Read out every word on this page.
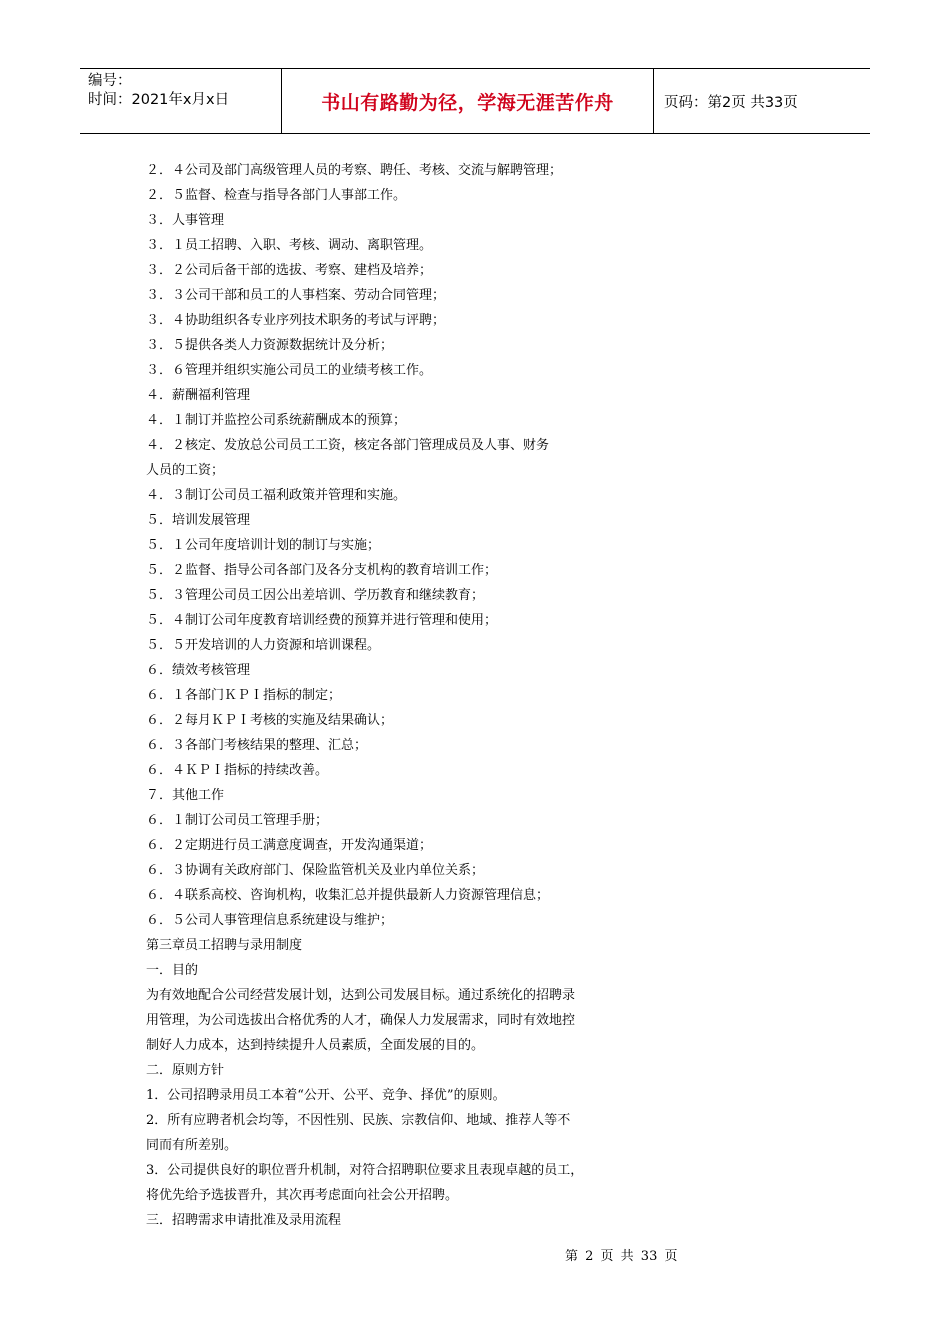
编号：
时间：2021年x月x日	书山有路勤为径，学海无涯苦作舟	页码：第2页 共33页
２．４公司及部门高级管理人员的考察、聘任、考核、交流与解聘管理；
２．５监督、检查与指导各部门人事部工作。
３．人事管理
３．１员工招聘、入职、考核、调动、离职管理。
３．２公司后备干部的选拔、考察、建档及培养；
３．３公司干部和员工的人事档案、劳动合同管理；
３．４协助组织各专业序列技术职务的考试与评聘；
３．５提供各类人力资源数据统计及分析；
３．６管理并组织实施公司员工的业绩考核工作。
４．薪酬福利管理
４．１制订并监控公司系统薪酬成本的预算；
４．２核定、发放总公司员工工资，核定各部门管理成员及人事、财务
人员的工资；
４．３制订公司员工福利政策并管理和实施。
５．培训发展管理
５．１公司年度培训计划的制订与实施；
５．２监督、指导公司各部门及各分支机构的教育培训工作；
５．３管理公司员工因公出差培训、学历教育和继续教育；
５．４制订公司年度教育培训经费的预算并进行管理和使用；
５．５开发培训的人力资源和培训课程。
６．绩效考核管理
６．１各部门ＫＰＩ指标的制定；
６．２每月ＫＰＩ考核的实施及结果确认；
６．３各部门考核结果的整理、汇总；
６．４ＫＰＩ指标的持续改善。
７．其他工作
６．１制订公司员工管理手册；
６．２定期进行员工满意度调查，开发沟通渠道；
６．３协调有关政府部门、保险监管机关及业内单位关系；
６．４联系高校、咨询机构，收集汇总并提供最新人力资源管理信息；
６．５公司人事管理信息系统建设与维护；
第三章员工招聘与录用制度
一．目的
为有效地配合公司经营发展计划，达到公司发展目标。通过系统化的招聘录
用管理，为公司选拔出合格优秀的人才，确保人力发展需求，同时有效地控
制好人力成本，达到持续提升人员素质，全面发展的目的。
二．原则方针
1．公司招聘录用员工本着“公开、公平、竞争、择优”的原则。
2．所有应聘者机会均等，不因性别、民族、宗教信仰、地域、推荐人等不
同而有所差别。
3．公司提供良好的职位晋升机制，对符合招聘职位要求且表现卓越的员工，
将优先给予选拔晋升，其次再考虑面向社会公开招聘。
三．招聘需求申请批准及录用流程
第 2 页 共 33 页
